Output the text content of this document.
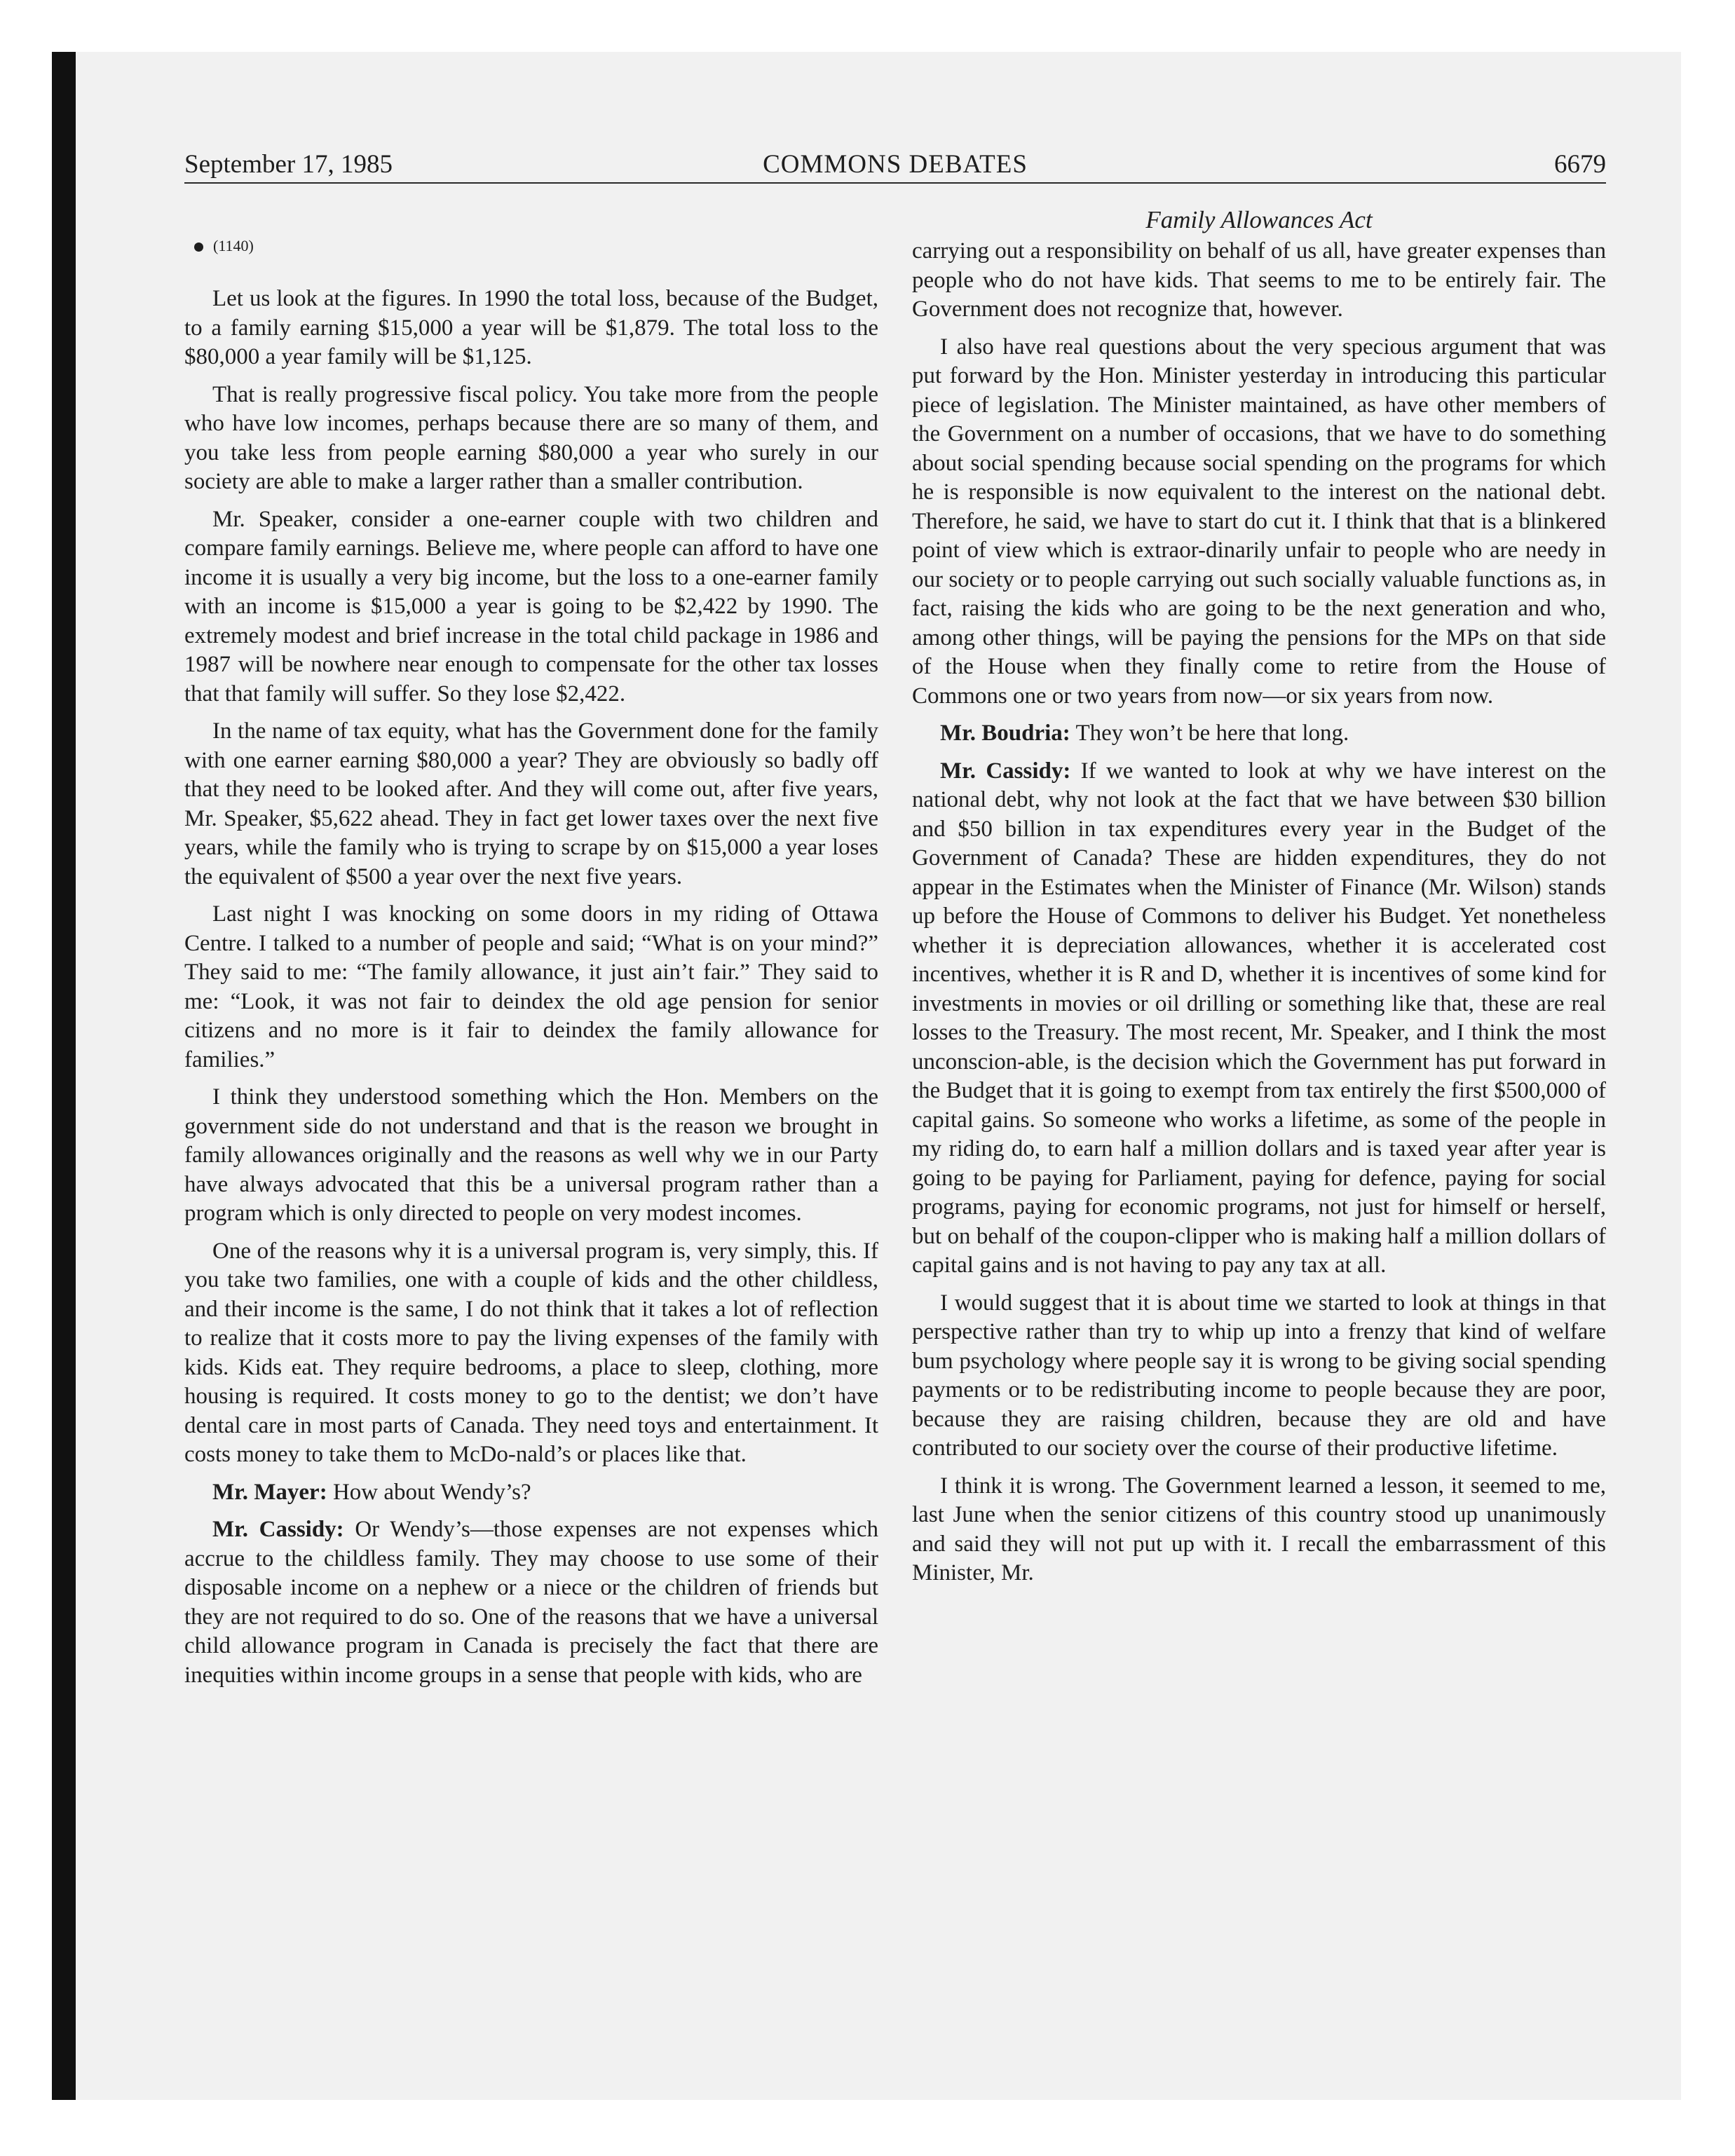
September 17, 1985	COMMONS DEBATES	6679
(1140)

Let us look at the figures. In 1990 the total loss, because of the Budget, to a family earning $15,000 a year will be $1,879. The total loss to the $80,000 a year family will be $1,125.

That is really progressive fiscal policy. You take more from the people who have low incomes, perhaps because there are so many of them, and you take less from people earning $80,000 a year who surely in our society are able to make a larger rather than a smaller contribution.

Mr. Speaker, consider a one-earner couple with two children and compare family earnings. Believe me, where people can afford to have one income it is usually a very big income, but the loss to a one-earner family with an income is $15,000 a year is going to be $2,422 by 1990. The extremely modest and brief increase in the total child package in 1986 and 1987 will be nowhere near enough to compensate for the other tax losses that that family will suffer. So they lose $2,422.

In the name of tax equity, what has the Government done for the family with one earner earning $80,000 a year? They are obviously so badly off that they need to be looked after. And they will come out, after five years, Mr. Speaker, $5,622 ahead. They in fact get lower taxes over the next five years, while the family who is trying to scrape by on $15,000 a year loses the equivalent of $500 a year over the next five years.

Last night I was knocking on some doors in my riding of Ottawa Centre. I talked to a number of people and said; “What is on your mind?” They said to me: “The family allowance, it just ain’t fair.” They said to me: “Look, it was not fair to deindex the old age pension for senior citizens and no more is it fair to deindex the family allowance for families.”

I think they understood something which the Hon. Members on the government side do not understand and that is the reason we brought in family allowances originally and the reasons as well why we in our Party have always advocated that this be a universal program rather than a program which is only directed to people on very modest incomes.

One of the reasons why it is a universal program is, very simply, this. If you take two families, one with a couple of kids and the other childless, and their income is the same, I do not think that it takes a lot of reflection to realize that it costs more to pay the living expenses of the family with kids. Kids eat. They require bedrooms, a place to sleep, clothing, more housing is required. It costs money to go to the dentist; we don’t have dental care in most parts of Canada. They need toys and entertainment. It costs money to take them to McDo-nald’s or places like that.

Mr. Mayer: How about Wendy’s?

Mr. Cassidy: Or Wendy’s—those expenses are not expenses which accrue to the childless family. They may choose to use some of their disposable income on a nephew or a niece or the children of friends but they are not required to do so. One of the reasons that we have a universal child allowance program in Canada is precisely the fact that there are inequities within income groups in a sense that people with kids, who are

Family Allowances Act

carrying out a responsibility on behalf of us all, have greater expenses than people who do not have kids. That seems to me to be entirely fair. The Government does not recognize that, however.

I also have real questions about the very specious argument that was put forward by the Hon. Minister yesterday in introducing this particular piece of legislation. The Minister maintained, as have other members of the Government on a number of occasions, that we have to do something about social spending because social spending on the programs for which he is responsible is now equivalent to the interest on the national debt. Therefore, he said, we have to start do cut it. I think that that is a blinkered point of view which is extraor-dinarily unfair to people who are needy in our society or to people carrying out such socially valuable functions as, in fact, raising the kids who are going to be the next generation and who, among other things, will be paying the pensions for the MPs on that side of the House when they finally come to retire from the House of Commons one or two years from now—or six years from now.

Mr. Boudria: They won’t be here that long.

Mr. Cassidy: If we wanted to look at why we have interest on the national debt, why not look at the fact that we have between $30 billion and $50 billion in tax expenditures every year in the Budget of the Government of Canada? These are hidden expenditures, they do not appear in the Estimates when the Minister of Finance (Mr. Wilson) stands up before the House of Commons to deliver his Budget. Yet nonetheless whether it is depreciation allowances, whether it is accelerated cost incentives, whether it is R and D, whether it is incentives of some kind for investments in movies or oil drilling or something like that, these are real losses to the Treasury. The most recent, Mr. Speaker, and I think the most unconscion-able, is the decision which the Government has put forward in the Budget that it is going to exempt from tax entirely the first $500,000 of capital gains. So someone who works a lifetime, as some of the people in my riding do, to earn half a million dollars and is taxed year after year is going to be paying for Parliament, paying for defence, paying for social programs, paying for economic programs, not just for himself or herself, but on behalf of the coupon-clipper who is making half a million dollars of capital gains and is not having to pay any tax at all.

I would suggest that it is about time we started to look at things in that perspective rather than try to whip up into a frenzy that kind of welfare bum psychology where people say it is wrong to be giving social spending payments or to be redistributing income to people because they are poor, because they are raising children, because they are old and have contributed to our society over the course of their productive lifetime.

I think it is wrong. The Government learned a lesson, it seemed to me, last June when the senior citizens of this country stood up unanimously and said they will not put up with it. I recall the embarrassment of this Minister, Mr.
